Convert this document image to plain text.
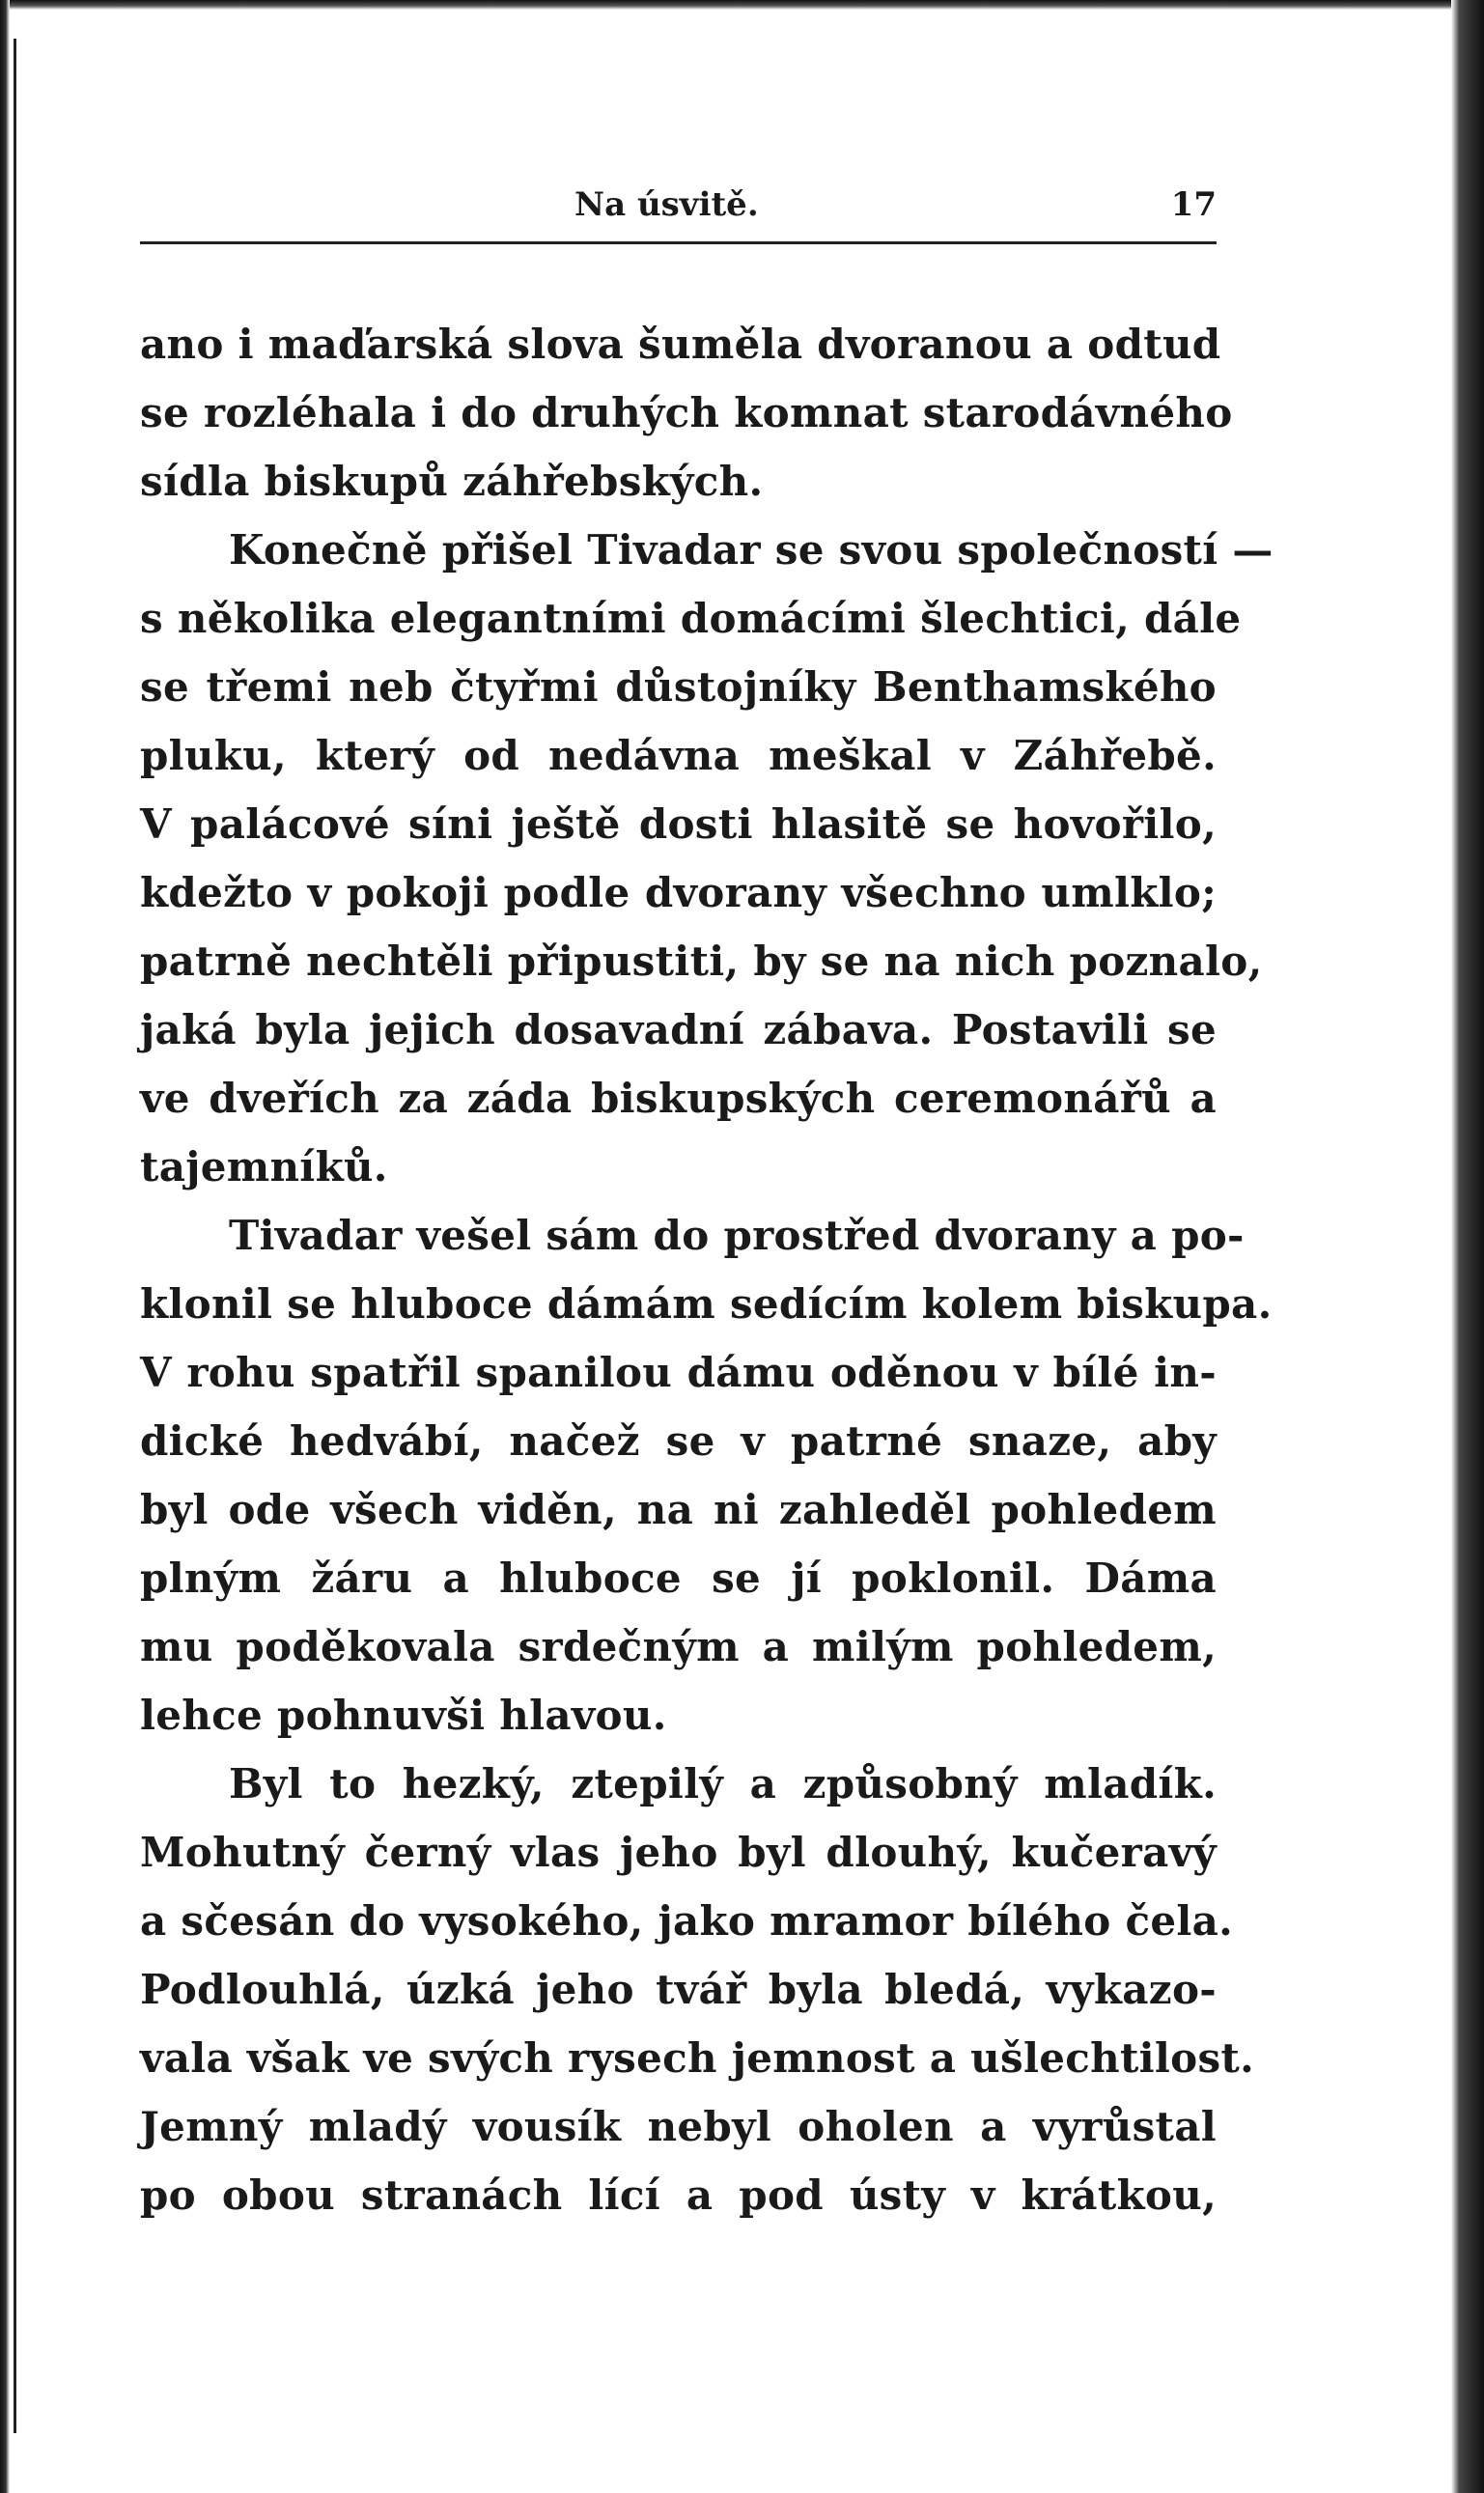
Na úsvitě.	17
ano i maďarská slova šuměla dvoranou a odtud
se rozléhala i do druhých komnat starodávného
sídla biskupů záhřebských.
Konečně přišel Tivadar se svou společností —
s několika elegantními domácími šlechtici, dále
se třemi neb čtyřmi důstojníky Benthamského
pluku, který od nedávna meškal v Záhřebě.
V palácové síni ještě dosti hlasitě se hovořilo,
kdežto v pokoji podle dvorany všechno umlklo;
patrně nechtěli připustiti, by se na nich poznalo,
jaká byla jejich dosavadní zábava. Postavili se
ve dveřích za záda biskupských ceremonářů a
tajemníků.
Tivadar vešel sám do prostřed dvorany a po-
klonil se hluboce dámám sedícím kolem biskupa.
V rohu spatřil spanilou dámu oděnou v bílé in-
dické hedvábí, načež se v patrné snaze, aby
byl ode všech viděn, na ni zahleděl pohledem
plným žáru a hluboce se jí poklonil. Dáma
mu poděkovala srdečným a milým pohledem,
lehce pohnuvši hlavou.
Byl to hezký, ztepilý a způsobný mladík.
Mohutný černý vlas jeho byl dlouhý, kučeravý
a sčesán do vysokého, jako mramor bílého čela.
Podlouhlá, úzká jeho tvář byla bledá, vykazo-
vala však ve svých rysech jemnost a ušlechtilost.
Jemný mladý vousík nebyl oholen a vyrůstal
po obou stranách lící a pod ústy v krátkou,
